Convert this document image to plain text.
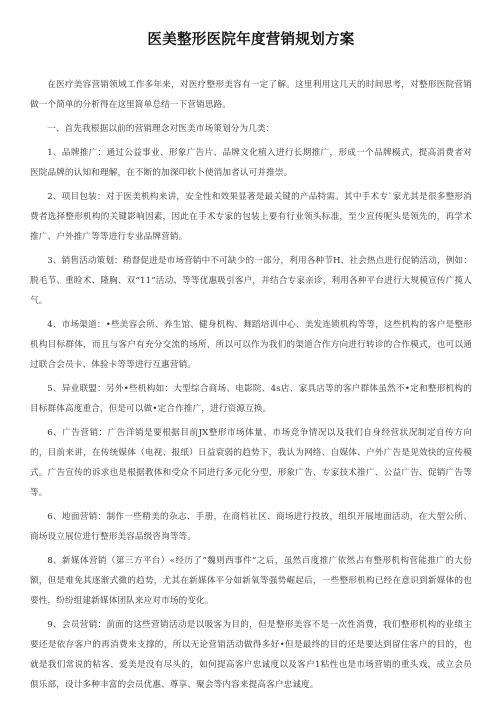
医美整形医院年度营销规划方案

在医疗美容营销领域工作多年来，对医疗整形美容有一定了解。这里利用这几天的时间思考，对整形医院营销做一个简单的分析得在这里简单总结一下营销思路。

一、首先我根据以前的营销理念对医美市场策划分为几类：

1、品牌推广：通过公益事业、形象广告片、品牌文化植入进行长期推广，形成一个品牌模式，提高消费者对医院品牌的认知和理解，在不断的加深印软卜使消加者认可并推崇。

2、项目包装：对于医美机构来讲，安全性和效果显著是最关键的产品特需。其中手术专`家尤其是很多整形消费者选择整形机构的关键影响因素，因此在手术专家的包装上要有行业领头标准，至少宣传呢头是领先的，再学术推广、户外推广等等进行专业品牌营销。

3、销售活动策划：稍督促进是市场营销中不可缺少的一部分，利用各种节H、社会热点进行促销活动，例如：脱毛节、重睑术、隆胸、双“11”活动、等等优惠吸引客户，并结合专家亲诊，利用各种平台进行大规模宣传广揽人气。

4、市场渠道：•些美容会所、养生馆、健身机构、舞蹈培训中心、美发连锁机构等等，这些机构的客户是整形机构目标群体，而且与客户有充分交流的场所，所以可以作为我们的渠道合作方向进行转诊的合作模式，也可以通过联合会员卡、体验卡等等进行互惠营销。

5、异业联盟：另外•些机构如：大型综合商场、电影院、4s店、家具店等的客户群体虽然不•定和整形机构的目标群体高度重合，但是可以做•定合作推广，进行资源互换。

6、广告营销：广告洋销是要根据目前JX整形市场体量、市场竞争情况以及我们自身经营状况制定自传方向的，目前来讲，在传统媒体（电视、报纸）日益衰弱的趋势下，我认为网络、自媒体、户外广告是见效快的宣传模式。广告宣传的诉求也是根据教体和受众不同进行多元化分型，形象广告、专家技术推广、公益广告、促销广告等等。

6、地面营销：制作一些精美的杂志、手册，在商档社区、商场进行投放，组织开展地面活动，在大型公所、商场设立展位进行整形美容品级咨询等等。

8、新媒体营销（第三方平台）«经历了“魏则西事件”之后，虽然百度推广依然占有整形机构营能推广的大份额，但是难免其逐渐式微的趋势，尤其在新媒体平分如新氧等强势崛起后，一些整形机构已经在意识到新媒体的也要性，纷纷组建新媒体团队来应对市场的变化。

9、会员营销：前面的这些营销活动是以吸客为目的，但是整形美容不是一次性消费，我们整形机构的业绩主要还是依存客户的再消费来支撑的，所以无论营销活动做得多好•但是最终的目的还是要达到留住客户的目的，也就是我们常说的粘客、爱美是没有尽头的，如何提高客户忠诚度以及客户1粘性也是市场营销的重头戏，成立会员俱乐部，设计多种丰富的会员优惠、尊享、聚会等内容来提高客户忠诚度。
